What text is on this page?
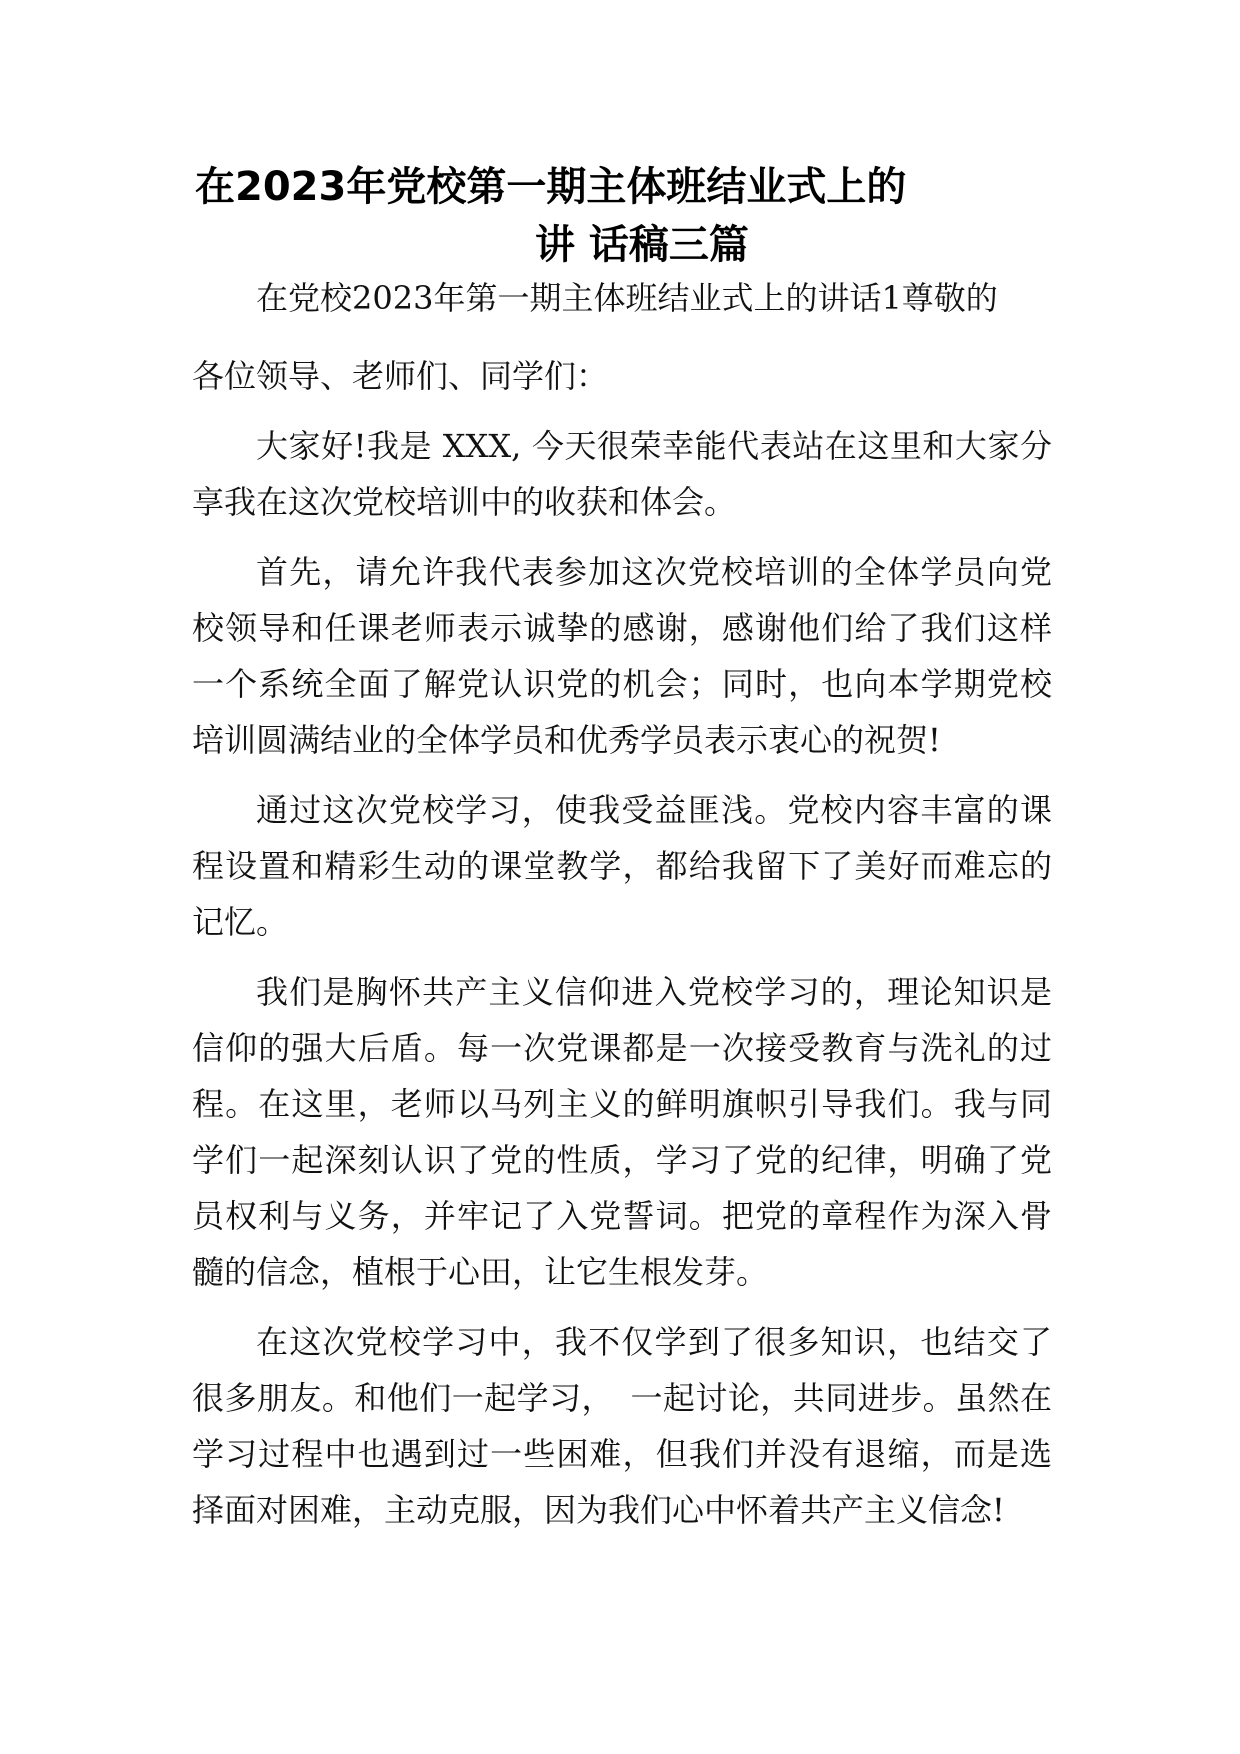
在2023年党校第一期主体班结业式上的
讲 话稿三篇

在党校2023年第一期主体班结业式上的讲话1尊敬的

各位领导、老师们、同学们：

大家好!我是 XXX, 今天很荣幸能代表站在这里和大家分享我在这次党校培训中的收获和体会。

首先，请允许我代表参加这次党校培训的全体学员向党校领导和任课老师表示诚挚的感谢，感谢他们给了我们这样一个系统全面了解党认识党的机会；同时，也向本学期党校培训圆满结业的全体学员和优秀学员表示衷心的祝贺!

通过这次党校学习，使我受益匪浅。党校内容丰富的课程设置和精彩生动的课堂教学，都给我留下了美好而难忘的记忆。

我们是胸怀共产主义信仰进入党校学习的，理论知识是信仰的强大后盾。每一次党课都是一次接受教育与洗礼的过程。在这里，老师以马列主义的鲜明旗帜引导我们。我与同学们一起深刻认识了党的性质，学习了党的纪律，明确了党员权利与义务，并牢记了入党誓词。把党的章程作为深入骨髓的信念，植根于心田，让它生根发芽。

在这次党校学习中，我不仅学到了很多知识，也结交了很多朋友。和他们一起学习，　一起讨论，共同进步。虽然在学习过程中也遇到过一些困难，但我们并没有退缩，而是选择面对困难，主动克服，因为我们心中怀着共产主义信念!
